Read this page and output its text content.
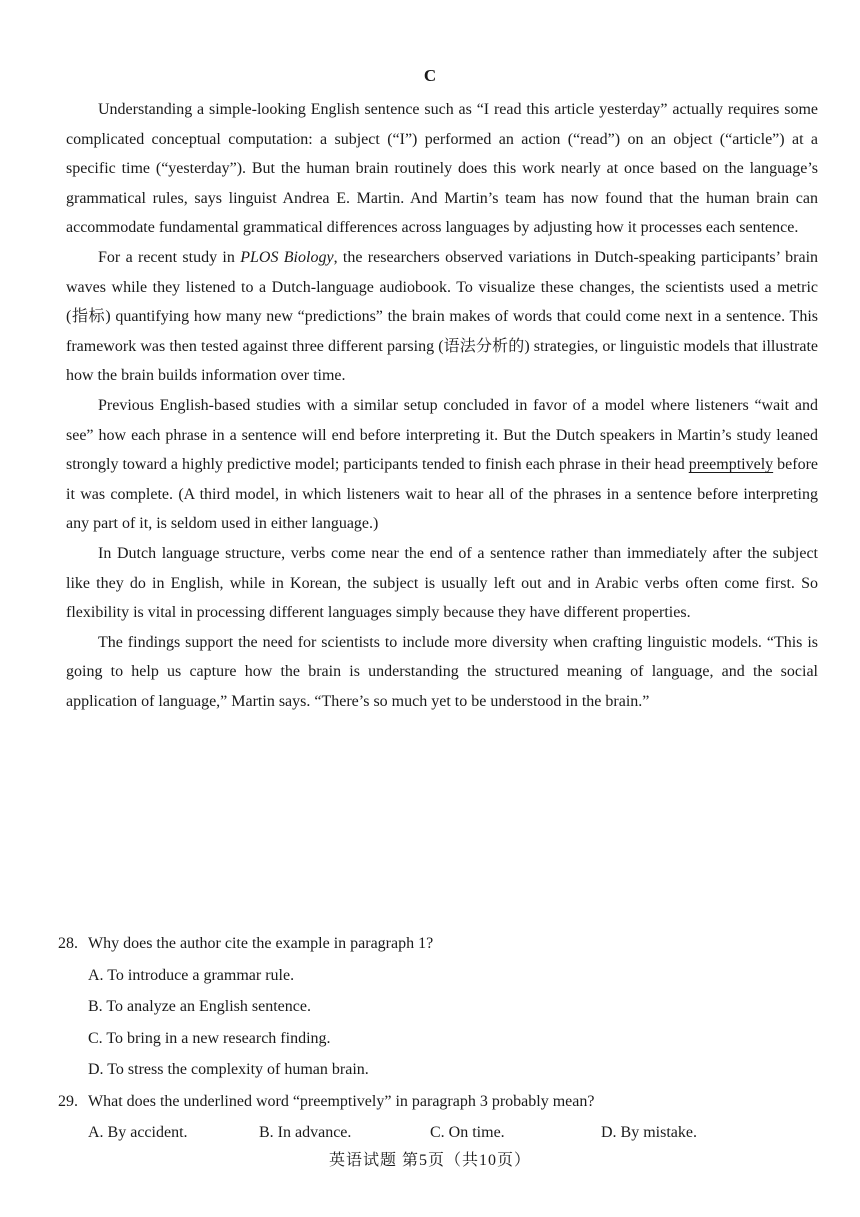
C

Understanding a simple-looking English sentence such as “I read this article yesterday” actually requires some complicated conceptual computation: a subject (“I”) performed an action (“read”) on an object (“article”) at a specific time (“yesterday”). But the human brain routinely does this work nearly at once based on the language’s grammatical rules, says linguist Andrea E. Martin. And Martin’s team has now found that the human brain can accommodate fundamental grammatical differences across languages by adjusting how it processes each sentence.

For a recent study in PLOS Biology, the researchers observed variations in Dutch-speaking participants’ brain waves while they listened to a Dutch-language audiobook. To visualize these changes, the scientists used a metric (指标) quantifying how many new “predictions” the brain makes of words that could come next in a sentence. This framework was then tested against three different parsing (语法分析的) strategies, or linguistic models that illustrate how the brain builds information over time.

Previous English-based studies with a similar setup concluded in favor of a model where listeners “wait and see” how each phrase in a sentence will end before interpreting it. But the Dutch speakers in Martin’s study leaned strongly toward a highly predictive model; participants tended to finish each phrase in their head preemptively before it was complete. (A third model, in which listeners wait to hear all of the phrases in a sentence before interpreting any part of it, is seldom used in either language.)

In Dutch language structure, verbs come near the end of a sentence rather than immediately after the subject like they do in English, while in Korean, the subject is usually left out and in Arabic verbs often come first. So flexibility is vital in processing different languages simply because they have different properties.

The findings support the need for scientists to include more diversity when crafting linguistic models. “This is going to help us capture how the brain is understanding the structured meaning of language, and the social application of language,” Martin says. “There’s so much yet to be understood in the brain.”

28. Why does the author cite the example in paragraph 1?
A. To introduce a grammar rule.
B. To analyze an English sentence.
C. To bring in a new research finding.
D. To stress the complexity of human brain.
29. What does the underlined word “preemptively” in paragraph 3 probably mean?
A. By accident.	B. In advance.	C. On time.	D. By mistake.
英语试题 第5页（共10页）
